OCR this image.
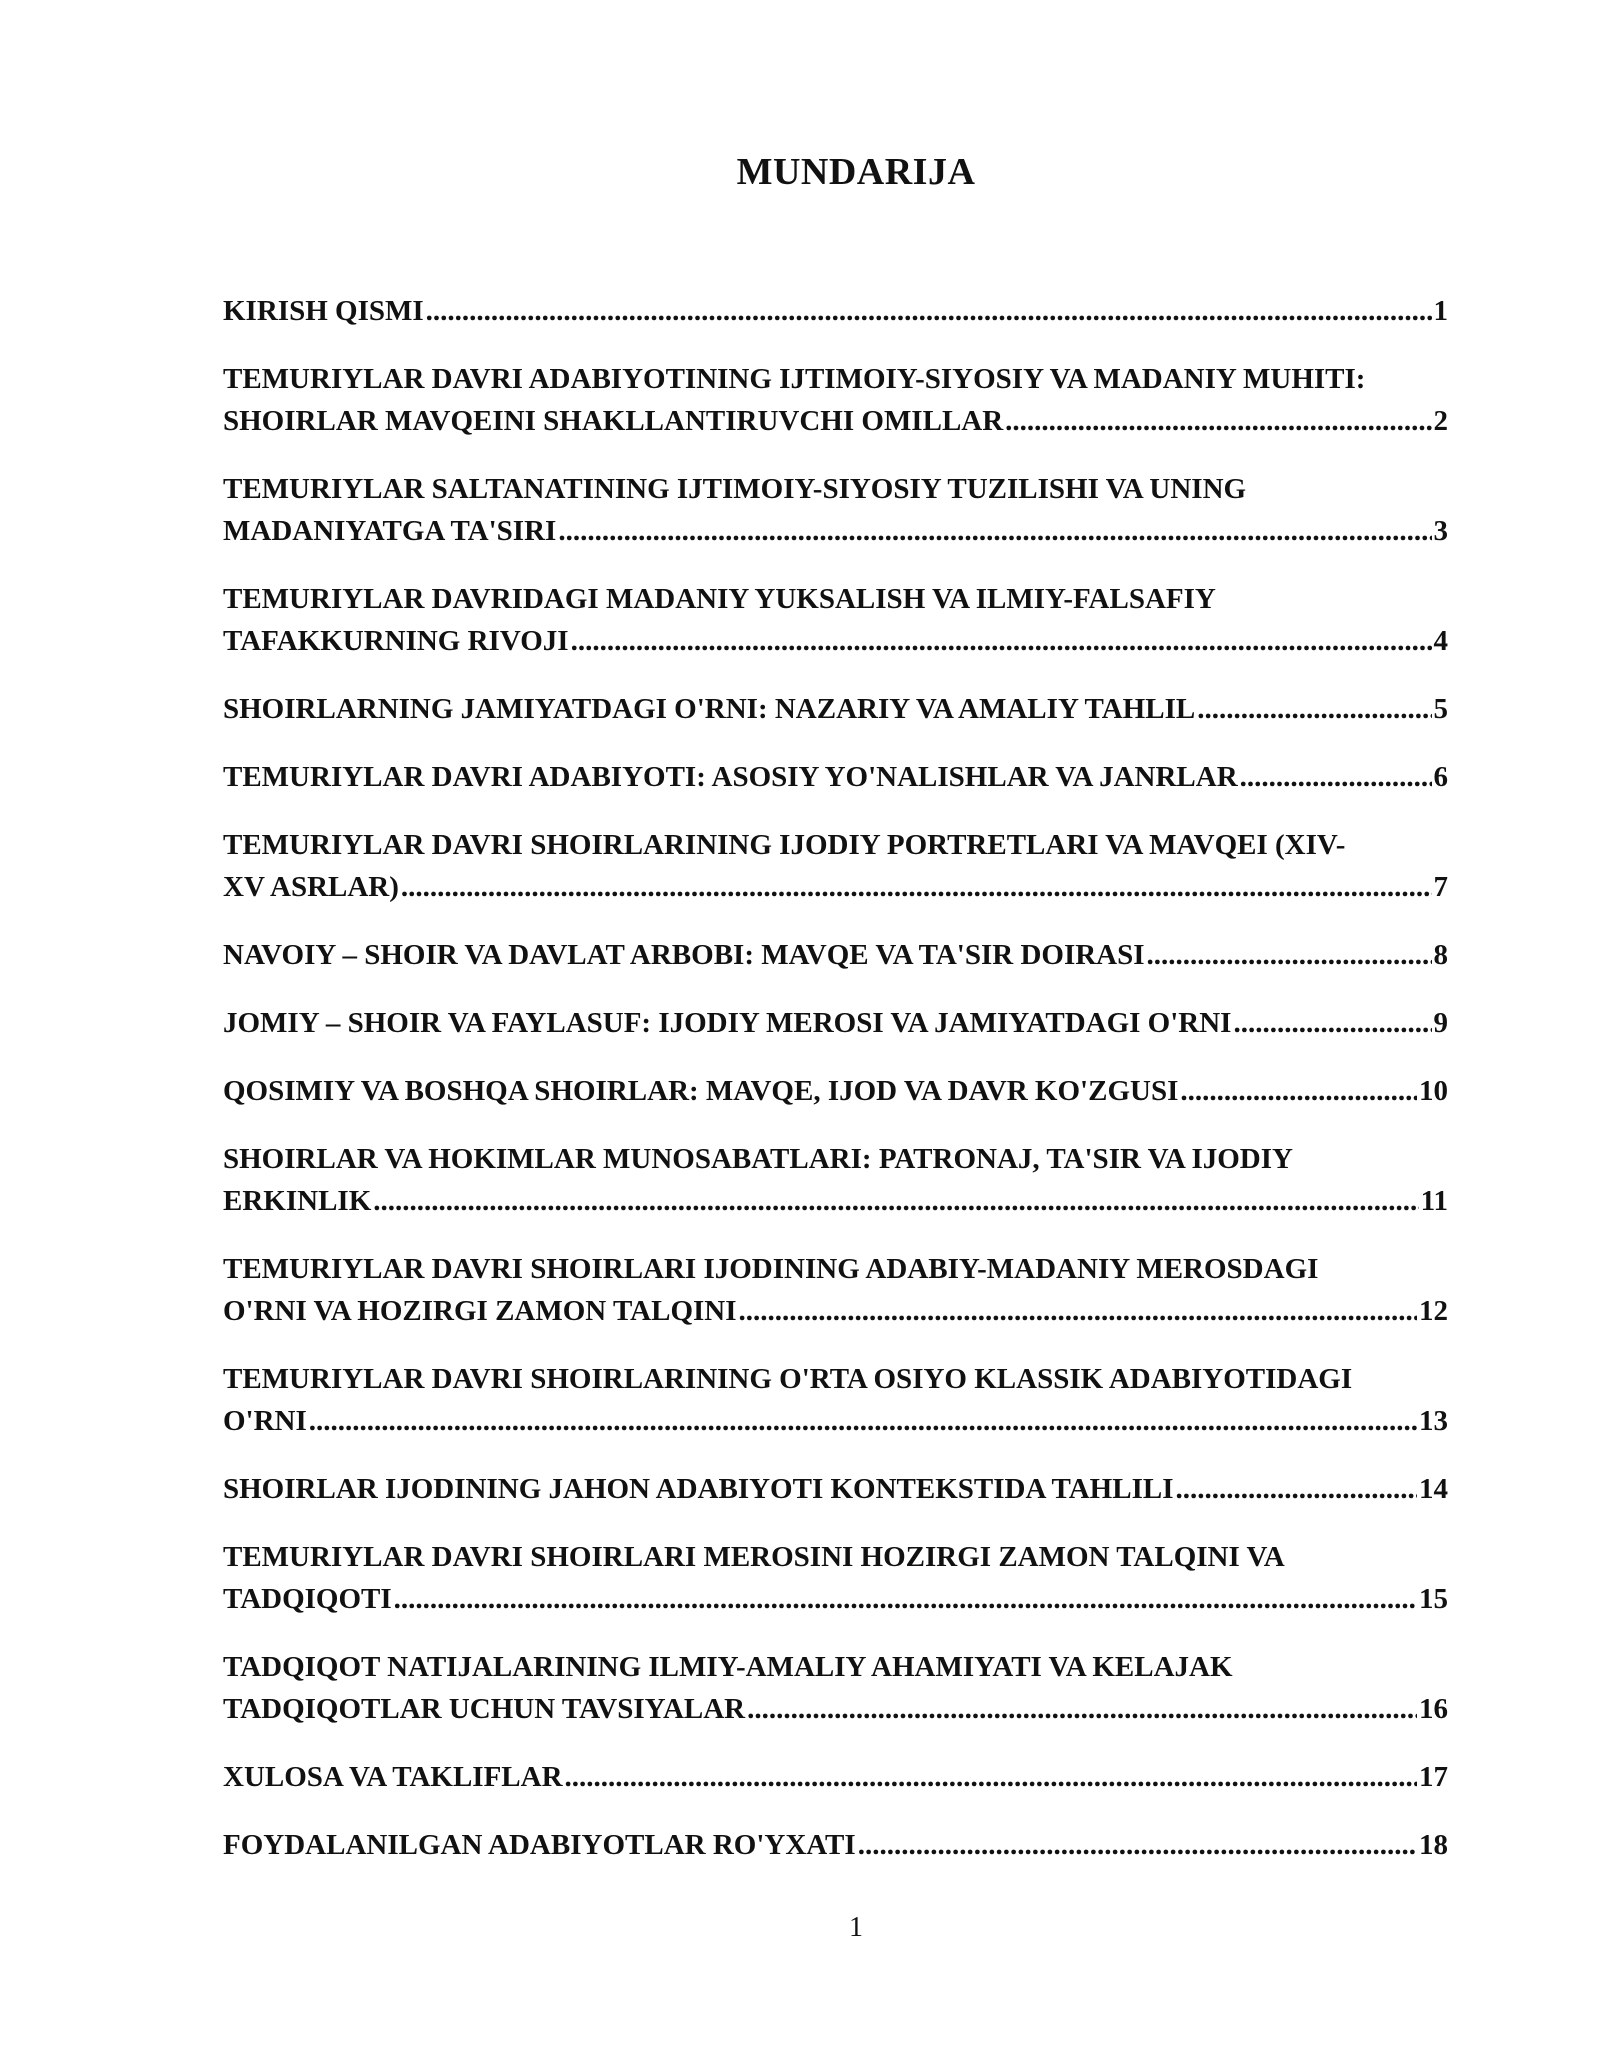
MUNDARIJA
KIRISH QISMI .....	1
TEMURIYLAR DAVRI ADABIYOTINING IJTIMOIY-SIYOSIY VA MADANIY MUHITI:
SHOIRLAR MAVQEINI SHAKLLANTIRUVCHI OMILLAR .....	2
TEMURIYLAR SALTANATINING IJTIMOIY-SIYOSIY TUZILISHI VA UNING
MADANIYATGA TA'SIRI .....	3
TEMURIYLAR DAVRIDAGI MADANIY YUKSALISH VA ILMIY-FALSAFIY
TAFAKKURNING RIVOJI .....	4
SHOIRLARNING JAMIYATDAGI O'RNI: NAZARIY VA AMALIY TAHLIL .....	5
TEMURIYLAR DAVRI ADABIYOTI: ASOSIY YO'NALISHLAR VA JANRLAR .....	6
TEMURIYLAR DAVRI SHOIRLARINING IJODIY PORTRETLARI VA MAVQEI (XIV-
XV ASRLAR) .....	7
NAVOIY – SHOIR VA DAVLAT ARBOBI: MAVQE VA TA'SIR DOIRASI .....	8
JOMIY – SHOIR VA FAYLASUF: IJODIY MEROSI VA JAMIYATDAGI O'RNI .....	9
QOSIMIY VA BOSHQA SHOIRLAR: MAVQE, IJOD VA DAVR KO'ZGUSI .....	10
SHOIRLAR VA HOKIMLAR MUNOSABATLARI: PATRONAJ, TA'SIR VA IJODIY
ERKINLIK .....	11
TEMURIYLAR DAVRI SHOIRLARI IJODINING ADABIY-MADANIY MEROSDAGI
O'RNI VA HOZIRGI ZAMON TALQINI .....	12
TEMURIYLAR DAVRI SHOIRLARINING O'RTA OSIYO KLASSIK ADABIYOTIDAGI
O'RNI .....	13
SHOIRLAR IJODINING JAHON ADABIYOTI KONTEKSTIDA TAHLILI .....	14
TEMURIYLAR DAVRI SHOIRLARI MEROSINI HOZIRGI ZAMON TALQINI VA
TADQIQOTI .....	15
TADQIQOT NATIJALARINING ILMIY-AMALIY AHAMIYATI VA KELAJAK
TADQIQOTLAR UCHUN TAVSIYALAR .....	16
XULOSA VA TAKLIFLAR .....	17
FOYDALANILGAN ADABIYOTLAR RO'YXATI .....	18
1
